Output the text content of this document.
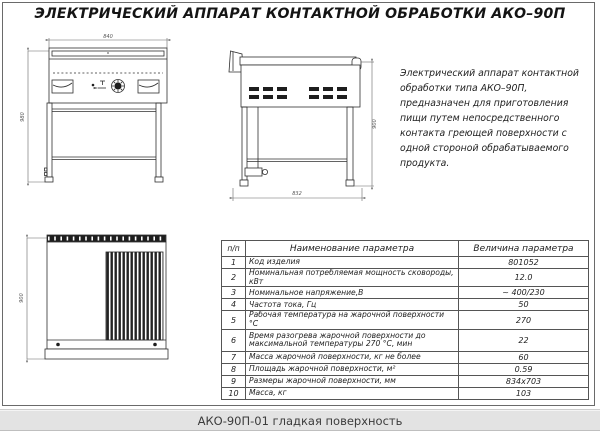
ЭЛЕКТРИЧЕСКИЙ АППАРАТ КОНТАКТНОЙ ОБРАБОТКИ АКО–90П
840
980
900
832
900
Электрический аппарат контактной обработки типа АКО–90П, предназначен для приготовления пищи путем непосредственного контакта греющей поверхности с одной стороной обрабатываемого продукта.
п/п	Наименование параметра	Величина параметра
1	Код изделия	801052
2	Номинальная потребляемая мощность сковороды, кВт	12.0
3	Номинальное напряжение,В	~ 400/230
4	Частота тока, Гц	50
5	Рабочая температура на жарочной поверхности °С	270
6	Время разогрева жарочной поверхности до максимальной температуры 270 °С, мин	22
7	Масса жарочной поверхности, кг не более	60
8	Площадь жарочной поверхности, м²	0.59
9	Размеры жарочной поверхности, мм	834х703
10	Масса, кг	103
АКО-90П-01 гладкая поверхность
